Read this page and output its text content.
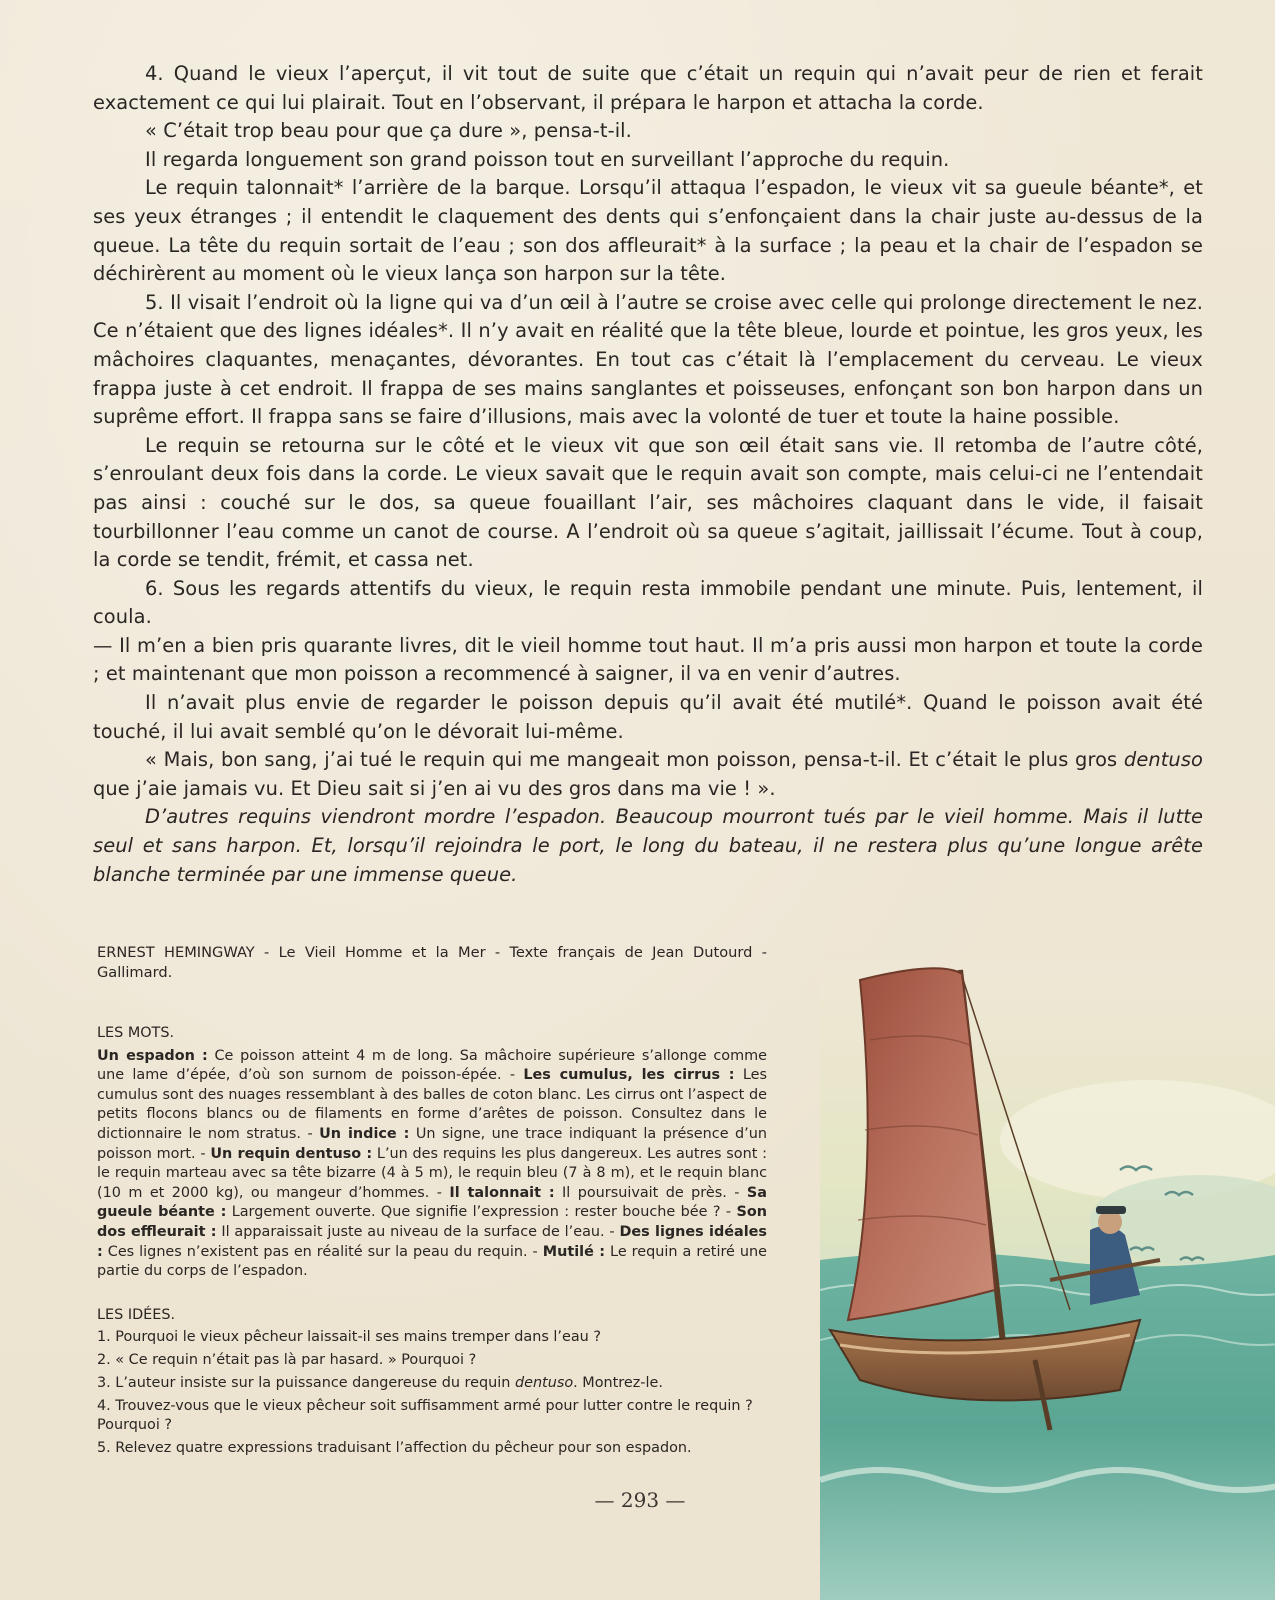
4. Quand le vieux l’aperçut, il vit tout de suite que c’était un requin qui n’avait peur de rien et ferait exactement ce qui lui plairait. Tout en l’observant, il prépara le harpon et attacha la corde.

« C’était trop beau pour que ça dure », pensa-t-il.

Il regarda longuement son grand poisson tout en surveillant l’approche du requin.

Le requin talonnait* l’arrière de la barque. Lorsqu’il attaqua l’espadon, le vieux vit sa gueule béante*, et ses yeux étranges ; il entendit le claquement des dents qui s’enfonçaient dans la chair juste au-dessus de la queue. La tête du requin sortait de l’eau ; son dos affleurait* à la surface ; la peau et la chair de l’espadon se déchirèrent au moment où le vieux lança son harpon sur la tête.

5. Il visait l’endroit où la ligne qui va d’un œil à l’autre se croise avec celle qui prolonge directement le nez. Ce n’étaient que des lignes idéales*. Il n’y avait en réalité que la tête bleue, lourde et pointue, les gros yeux, les mâchoires claquantes, menaçantes, dévorantes. En tout cas c’était là l’emplacement du cerveau. Le vieux frappa juste à cet endroit. Il frappa de ses mains sanglantes et poisseuses, enfonçant son bon harpon dans un suprême effort. Il frappa sans se faire d’illusions, mais avec la volonté de tuer et toute la haine possible.

Le requin se retourna sur le côté et le vieux vit que son œil était sans vie. Il retomba de l’autre côté, s’enroulant deux fois dans la corde. Le vieux savait que le requin avait son compte, mais celui-ci ne l’entendait pas ainsi : couché sur le dos, sa queue fouaillant l’air, ses mâchoires claquant dans le vide, il faisait tourbillonner l’eau comme un canot de course. A l’endroit où sa queue s’agitait, jaillissait l’écume. Tout à coup, la corde se tendit, frémit, et cassa net.

6. Sous les regards attentifs du vieux, le requin resta immobile pendant une minute. Puis, lentement, il coula.

— Il m’en a bien pris quarante livres, dit le vieil homme tout haut. Il m’a pris aussi mon harpon et toute la corde ; et maintenant que mon poisson a recommencé à saigner, il va en venir d’autres.

Il n’avait plus envie de regarder le poisson depuis qu’il avait été mutilé*. Quand le poisson avait été touché, il lui avait semblé qu’on le dévorait lui-même.

« Mais, bon sang, j’ai tué le requin qui me mangeait mon poisson, pensa-t-il. Et c’était le plus gros dentuso que j’aie jamais vu. Et Dieu sait si j’en ai vu des gros dans ma vie ! ».

D’autres requins viendront mordre l’espadon. Beaucoup mourront tués par le vieil homme. Mais il lutte seul et sans harpon. Et, lorsqu’il rejoindra le port, le long du bateau, il ne restera plus qu’une longue arête blanche terminée par une immense queue.

ERNEST HEMINGWAY - Le Vieil Homme et la Mer - Texte français de Jean Dutourd - Gallimard.
LES MOTS.
Un espadon : Ce poisson atteint 4 m de long. Sa mâchoire supérieure s’allonge comme une lame d’épée, d’où son surnom de poisson-épée. - Les cumulus, les cirrus : Les cumulus sont des nuages ressemblant à des balles de coton blanc. Les cirrus ont l’aspect de petits flocons blancs ou de filaments en forme d’arêtes de poisson. Consultez dans le dictionnaire le nom stratus. - Un indice : Un signe, une trace indiquant la présence d’un poisson mort. - Un requin dentuso : L’un des requins les plus dangereux. Les autres sont : le requin marteau avec sa tête bizarre (4 à 5 m), le requin bleu (7 à 8 m), et le requin blanc (10 m et 2000 kg), ou mangeur d’hommes. - Il talonnait : Il poursuivait de près. - Sa gueule béante : Largement ouverte. Que signifie l’expression : rester bouche bée ? - Son dos effleurait : Il apparaissait juste au niveau de la surface de l’eau. - Des lignes idéales : Ces lignes n’existent pas en réalité sur la peau du requin. - Mutilé : Le requin a retiré une partie du corps de l’espadon.
LES IDÉES.
1. Pourquoi le vieux pêcheur laissait-il ses mains tremper dans l’eau ?
2. « Ce requin n’était pas là par hasard. » Pourquoi ?
3. L’auteur insiste sur la puissance dangereuse du requin dentuso. Montrez-le.
4. Trouvez-vous que le vieux pêcheur soit suffisamment armé pour lutter contre le requin ? Pourquoi ?
5. Relevez quatre expressions traduisant l’affection du pêcheur pour son espadon.
— 293 —
